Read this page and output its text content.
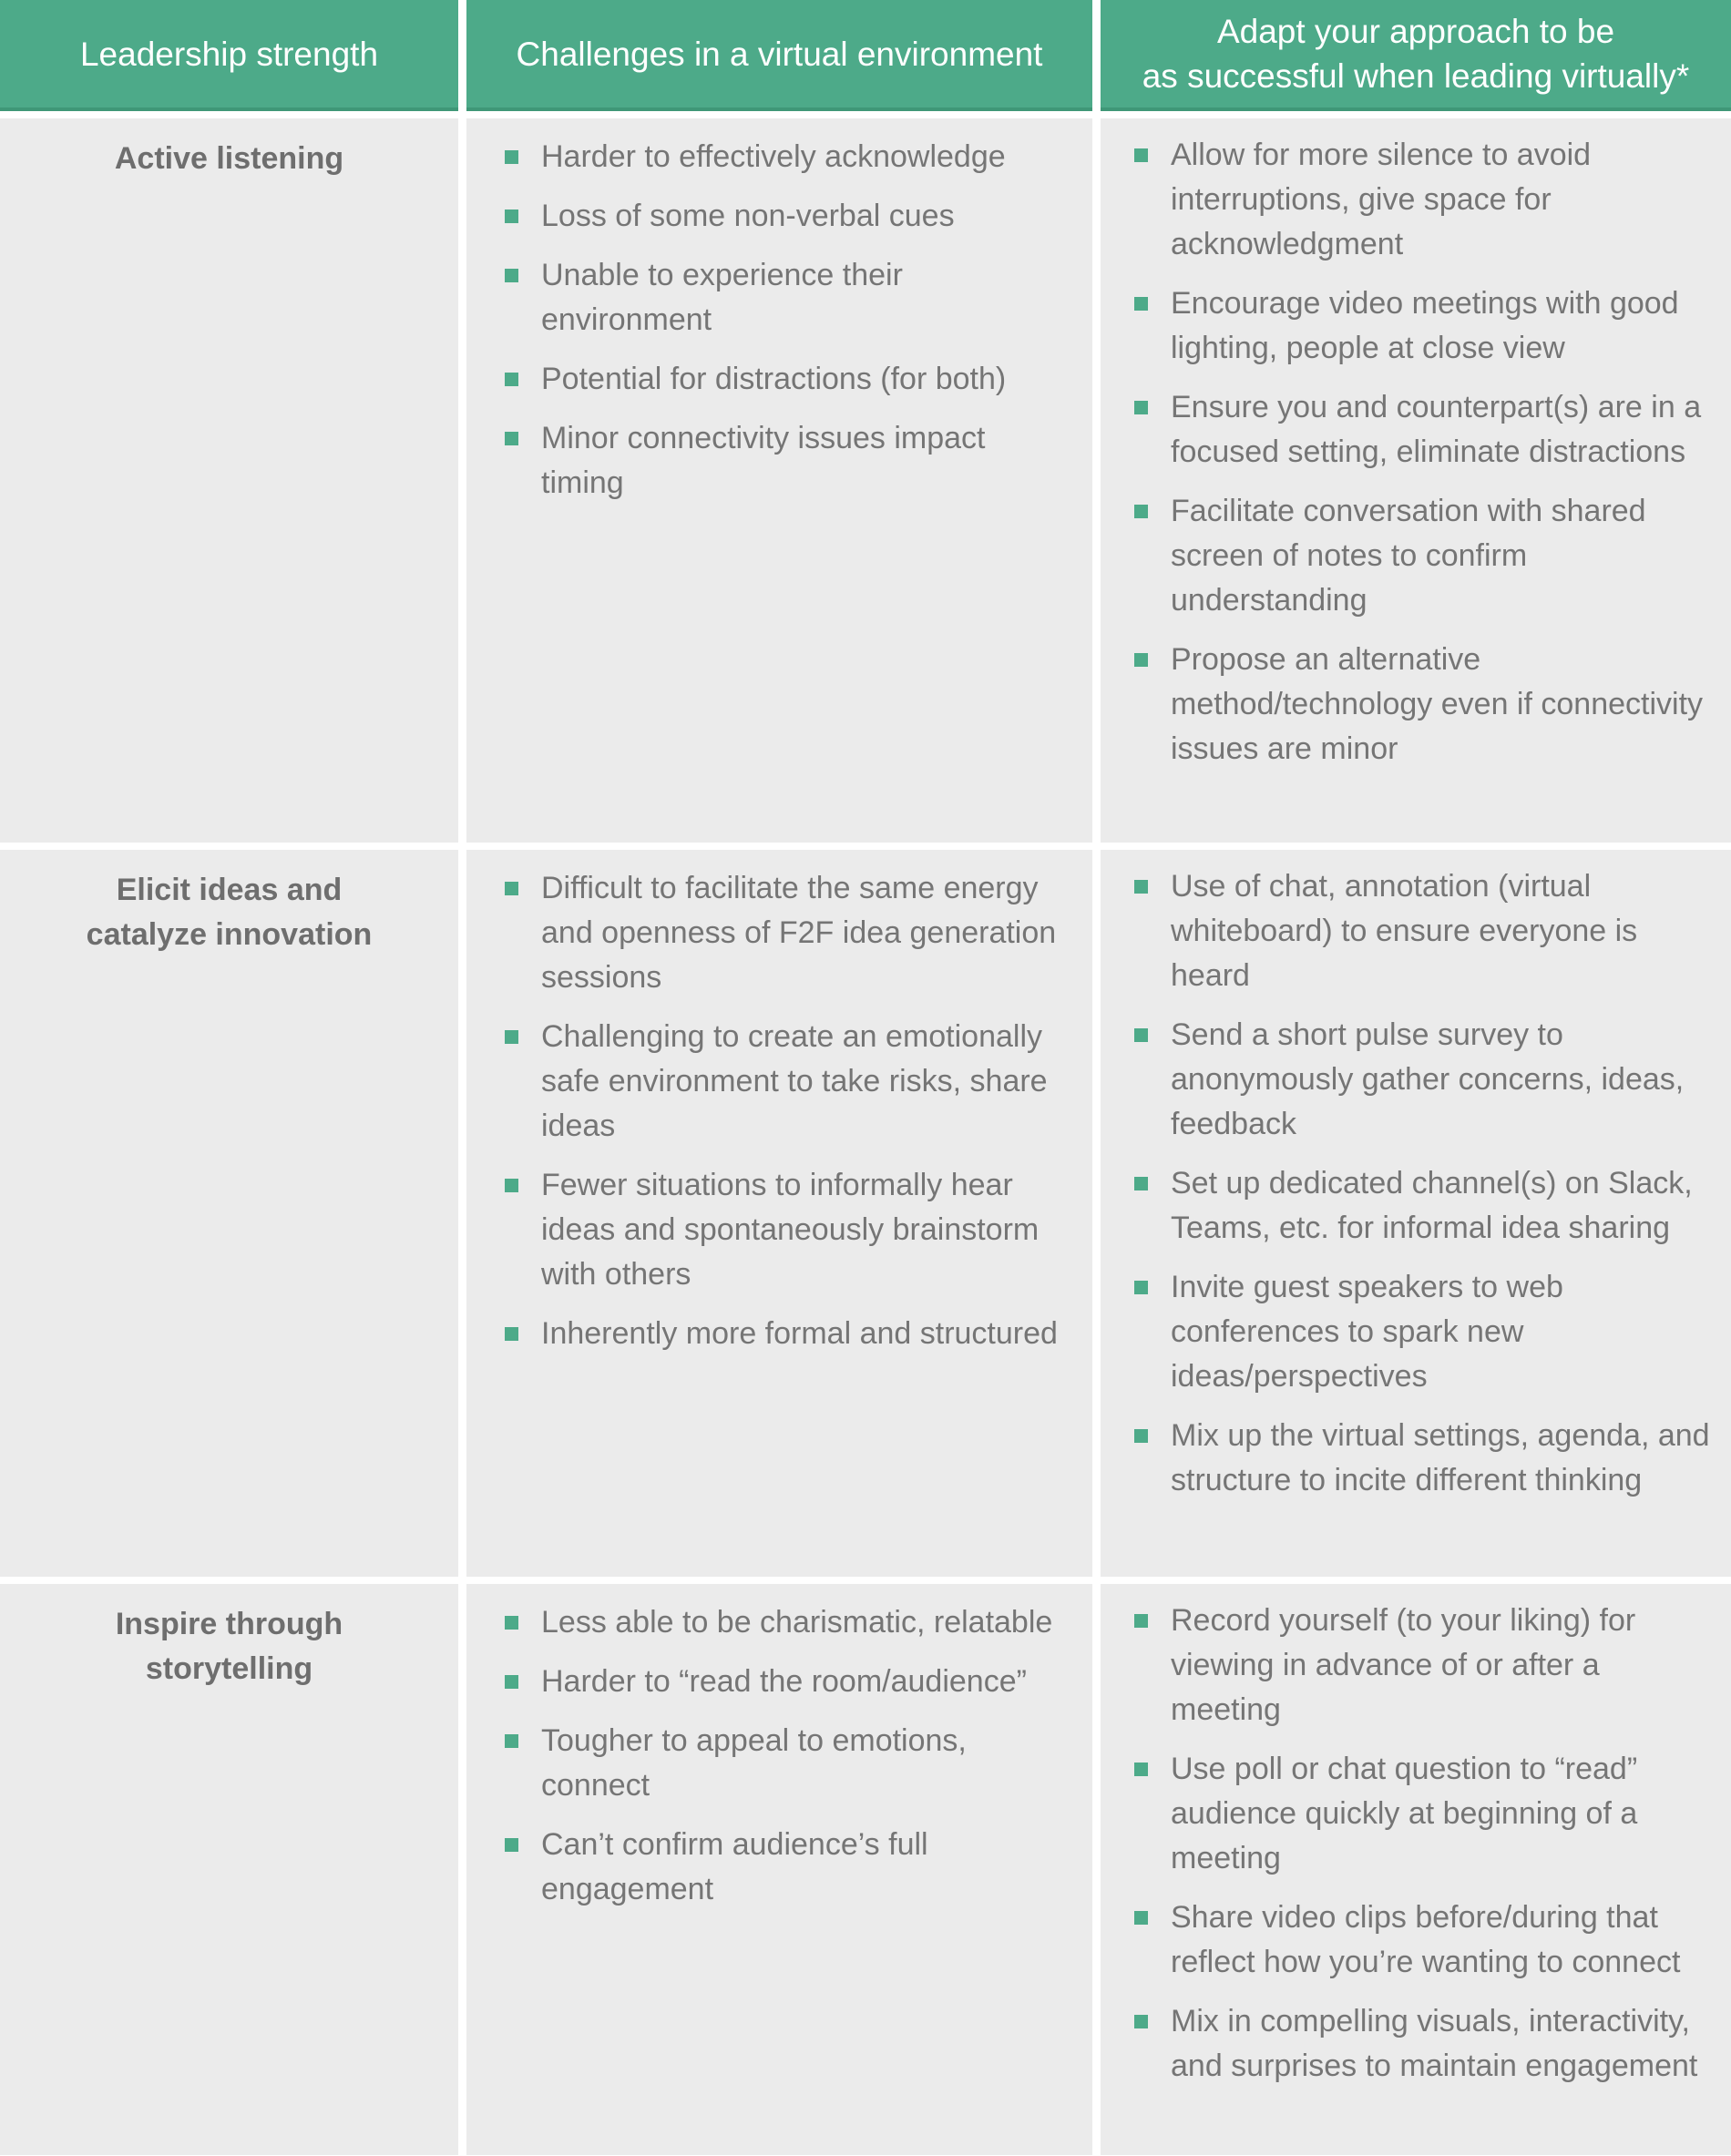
Leadership strength	Challenges in a virtual environment
Adapt your approach to be
as successful when leading virtually*
Active listening	Harder to effectively acknowledge
Loss of some non-verbal cues
Unable to experience their environment
Potential for distractions (for both)
Minor connectivity issues impact timing
Allow for more silence to avoid interruptions, give space for acknowledgment
Encourage video meetings with good lighting, people at close view
Ensure you and counterpart(s) are in a focused setting, eliminate distractions
Facilitate conversation with shared screen of notes to confirm understanding
Propose an alternative method/technology even if connectivity issues are minor
Elicit ideas and
catalyze innovation
Difficult to facilitate the same energy and openness of F2F idea generation sessions
Challenging to create an emotionally safe environment to take risks, share ideas
Fewer situations to informally hear ideas and spontaneously brainstorm with others
Inherently more formal and structured
Use of chat, annotation (virtual whiteboard) to ensure everyone is heard
Send a short pulse survey to anonymously gather concerns, ideas, feedback
Set up dedicated channel(s) on Slack, Teams, etc. for informal idea sharing
Invite guest speakers to web conferences to spark new ideas/perspectives
Mix up the virtual settings, agenda, and structure to incite different thinking
Inspire through
storytelling
Less able to be charismatic, relatable
Harder to “read the room/audience”
Tougher to appeal to emotions, connect
Can’t confirm audience’s full engagement
Record yourself (to your liking) for viewing in advance of or after a meeting
Use poll or chat question to “read” audience quickly at beginning of a meeting
Share video clips before/during that reflect how you’re wanting to connect
Mix in compelling visuals, interactivity, and surprises to maintain engagement
